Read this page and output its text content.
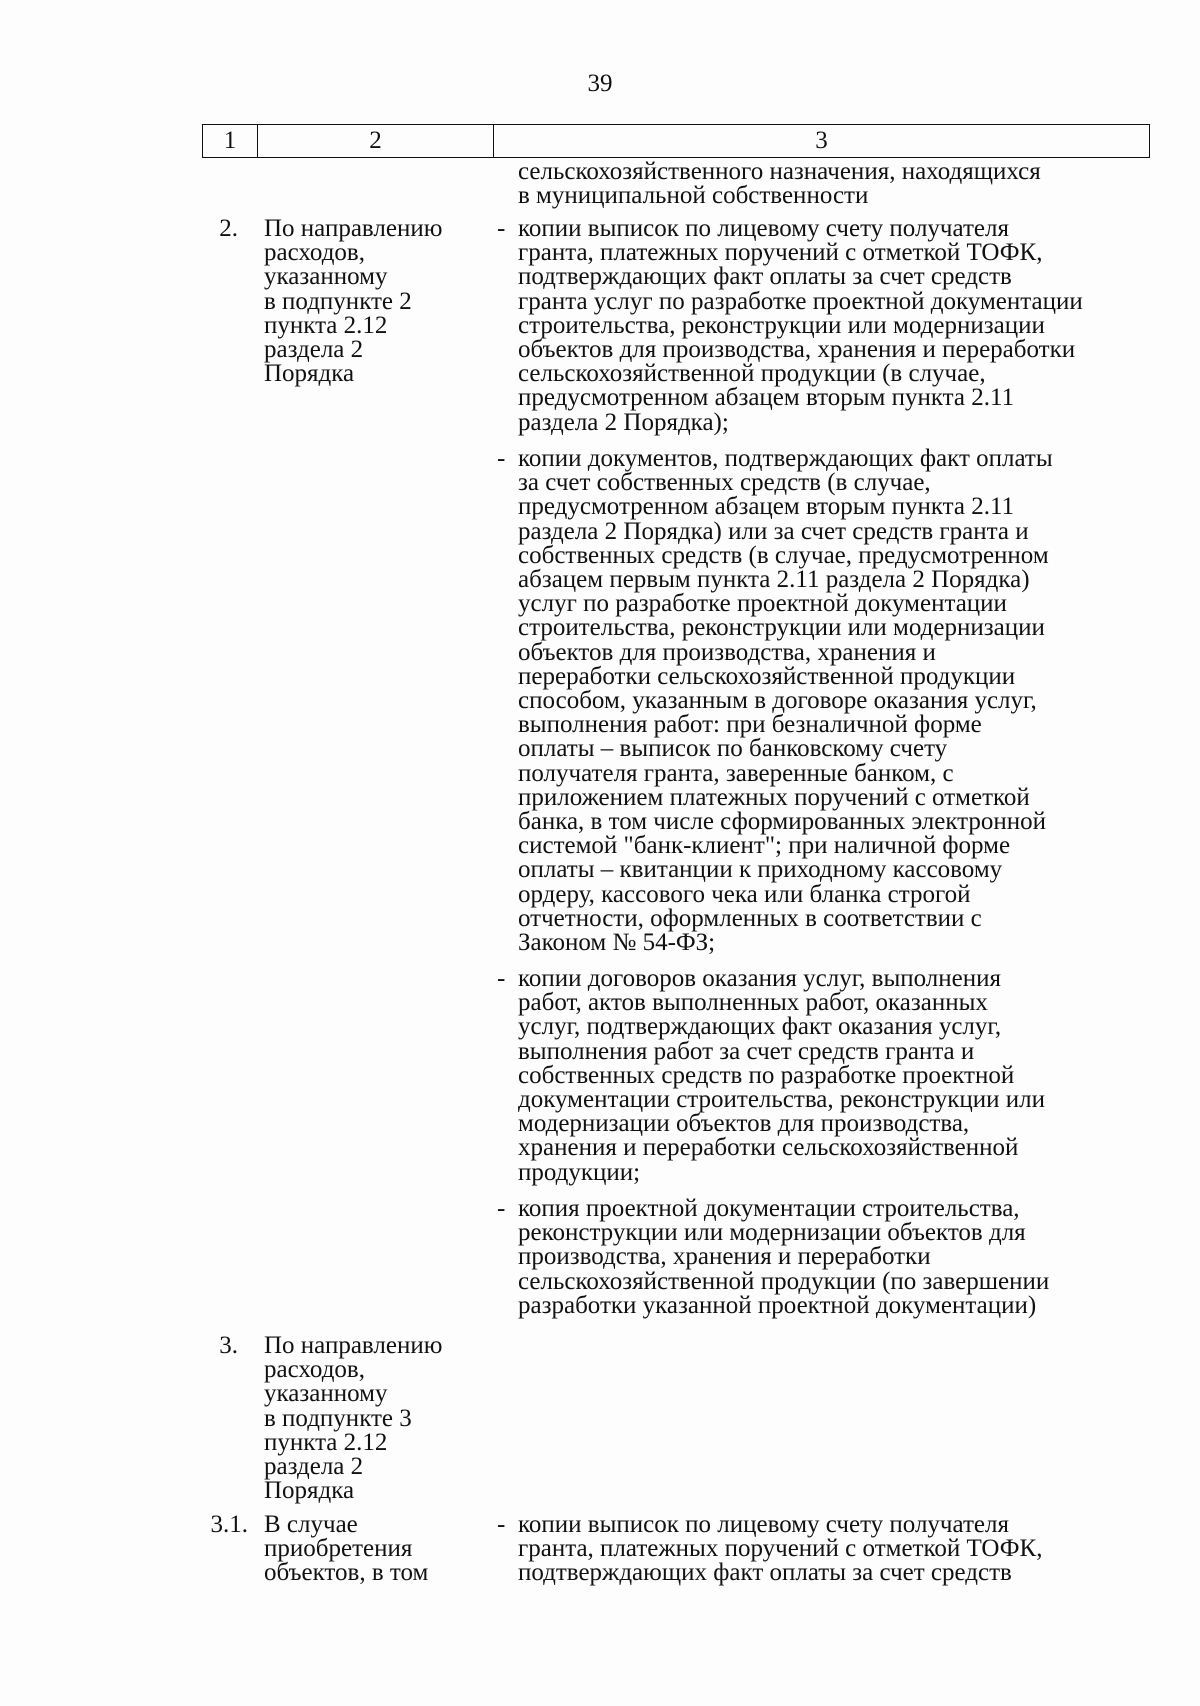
39
1	2	3
сельскохозяйственного назначения, находящихся
в муниципальной собственности
2. По направлению
расходов,
указанному
в подпункте 2
пункта 2.12
раздела 2
Порядка
- копии выписок по лицевому счету получателя
гранта, платежных поручений с отметкой ТОФК,
подтверждающих факт оплаты за счет средств
гранта услуг по разработке проектной документации
строительства, реконструкции или модернизации
объектов для производства, хранения и переработки
сельскохозяйственной продукции (в случае,
предусмотренном абзацем вторым пункта 2.11
раздела 2 Порядка);
- копии документов, подтверждающих факт оплаты
за счет собственных средств (в случае,
предусмотренном абзацем вторым пункта 2.11
раздела 2 Порядка) или за счет средств гранта и
собственных средств (в случае, предусмотренном
абзацем первым пункта 2.11 раздела 2 Порядка)
услуг по разработке проектной документации
строительства, реконструкции или модернизации
объектов для производства, хранения и
переработки сельскохозяйственной продукции
способом, указанным в договоре оказания услуг,
выполнения работ: при безналичной форме
оплаты – выписок по банковскому счету
получателя гранта, заверенные банком, с
приложением платежных поручений с отметкой
банка, в том числе сформированных электронной
системой "банк-клиент"; при наличной форме
оплаты – квитанции к приходному кассовому
ордеру, кассового чека или бланка строгой
отчетности, оформленных в соответствии с
Законом № 54-ФЗ;
- копии договоров оказания услуг, выполнения
работ, актов выполненных работ, оказанных
услуг, подтверждающих факт оказания услуг,
выполнения работ за счет средств гранта и
собственных средств по разработке проектной
документации строительства, реконструкции или
модернизации объектов для производства,
хранения и переработки сельскохозяйственной
продукции;
- копия проектной документации строительства,
реконструкции или модернизации объектов для
производства, хранения и переработки
сельскохозяйственной продукции (по завершении
разработки указанной проектной документации)
3. По направлению
расходов,
указанному
в подпункте 3
пункта 2.12
раздела 2
Порядка
3.1. В случае
приобретения
объектов, в том
- копии выписок по лицевому счету получателя
гранта, платежных поручений с отметкой ТОФК,
подтверждающих факт оплаты за счет средств
